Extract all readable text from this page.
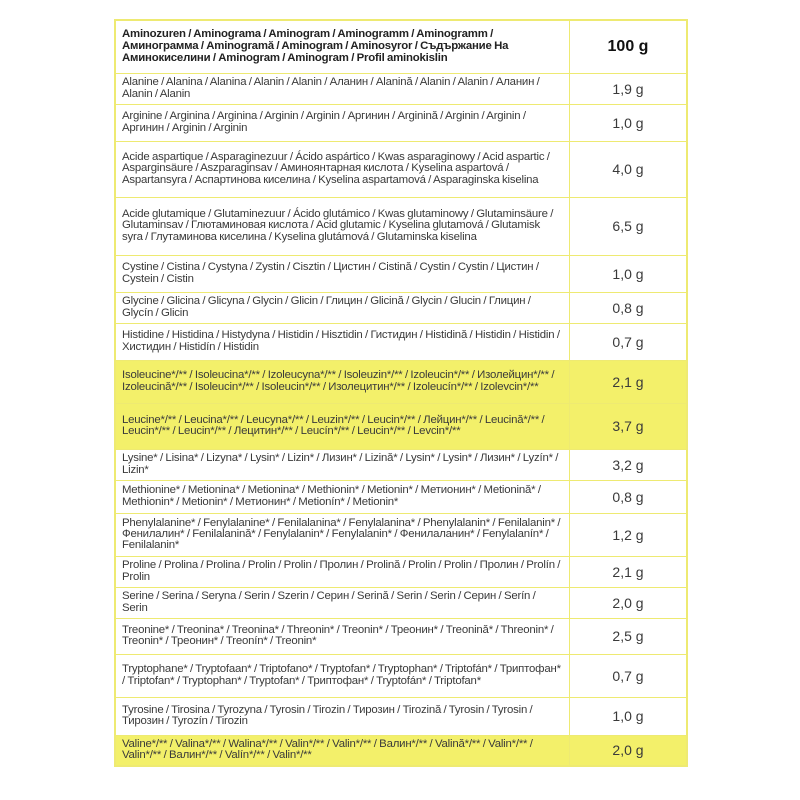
Aminozuren / Aminograma / Aminogram / Aminogramm / Aminogramm / Аминограмма / Aminogramă / Aminogram / Aminosyror / Съдържание На Аминокиселини / Aminogram / Aminogram / Profil aminokislin	100 g
Alanine / Alanina / Alanina / Alanin / Alanin / Аланин / Alanină / Alanin / Alanin / Аланин / Alanin / Alanin	1,9 g
Arginine / Arginina / Arginina / Arginin / Arginin / Аргинин / Arginină / Arginin / Arginin / Аргинин / Arginin / Arginin	1,0 g
Acide aspartique / Asparaginezuur / Ácido aspártico / Kwas asparaginowy / Acid aspartic / Asparginsäure / Aszparaginsav / Аминоянтарная кислота / Kyselina aspartová / Aspartansyra / Аспартинова киселина / Kyselina aspartamová / Asparaginska kiselina	4,0 g
Acide glutamique / Glutaminezuur / Ácido glutámico / Kwas glutaminowy / Glutaminsäure / Glutaminsav / Глютаминовая кислота / Acid glutamic / Kyselina glutamová / Glutamisk syra / Глутаминова киселина / Kyselina glutámová / Glutaminska kiselina	6,5 g
Cystine / Cistina / Cystyna / Zystin / Cisztin / Цистин / Cistină / Cystin / Cystin / Цистин / Cystein / Cistin	1,0 g
Glycine / Glicina / Glicyna / Glycin / Glicin / Глицин / Glicină / Glycin / Glucin / Глицин / Glycín / Glicin	0,8 g
Histidine / Histidina / Histydyna / Histidin / Hisztidin / Гистидин / Histidină / Histidin / Histidin / Хистидин / Histidín / Histidin	0,7 g
Isoleucine*/** / Isoleucina*/** / Izoleucyna*/** / Isoleuzin*/** / Izoleucin*/** / Изолейцин*/** / Izoleucină*/** / Isoleucin*/** / Isoleucin*/** / Изолецитин*/** / Izoleucín*/** / Izolevcin*/**	2,1 g
Leucine*/** / Leucina*/** / Leucyna*/** / Leuzin*/** / Leucin*/** / Лейцин*/** / Leucină*/** / Leucin*/** / Leucin*/** / Лецитин*/** / Leucín*/** / Leucin*/** / Levcin*/**	3,7 g
Lysine* / Lisina* / Lizyna* / Lysin* / Lizin* / Лизин* / Lizină* / Lysin* / Lysin* / Лизин* / Lyzín* / Lizin*	3,2 g
Methionine* / Metionina* / Metionina* / Methionin* / Metionin* / Метионин* / Metionină* / Methionin* / Metionin* / Метионин* / Metionín* / Metionin*	0,8 g
Phenylalanine* / Fenylalanine* / Fenilalanina* / Fenylalanina* / Phenylalanin* / Fenilalanin* / Фенилалин* / Fenilalanină* / Fenylalanin* / Fenylalanin* / Фенилаланин* / Fenylalanín* / Fenilalanin*	1,2 g
Proline / Prolina / Prolina / Prolin / Prolin / Пролин / Prolină / Prolin / Prolin / Пролин / Prolín / Prolin	2,1 g
Serine / Serina / Seryna / Serin / Szerin / Серин / Serină / Serin / Serin / Серин / Serín / Serin	2,0 g
Treonine* / Treonina* / Treonina* / Threonin* / Treonin* / Треонин* / Treonină* / Threonin* / Treonin* / Треонин* / Treonín* / Treonin*	2,5 g
Tryptophane* / Tryptofaan* / Triptofano* / Tryptofan* / Tryptophan* / Triptofán* / Триптофан* / Triptofan* / Tryptophan* / Tryptofan* / Триптофан* / Tryptofán* / Triptofan*	0,7 g
Tyrosine / Tirosina / Tyrozyna / Tyrosin / Tirozin / Тирозин / Tirozină / Tyrosin / Tyrosin / Тирозин / Tyrozín / Tirozin	1,0 g
Valine*/** / Valina*/** / Walina*/** / Valin*/** / Valin*/** / Валин*/** / Valină*/** / Valin*/** / Valin*/** / Валин*/** / Valín*/** / Valin*/**	2,0 g
